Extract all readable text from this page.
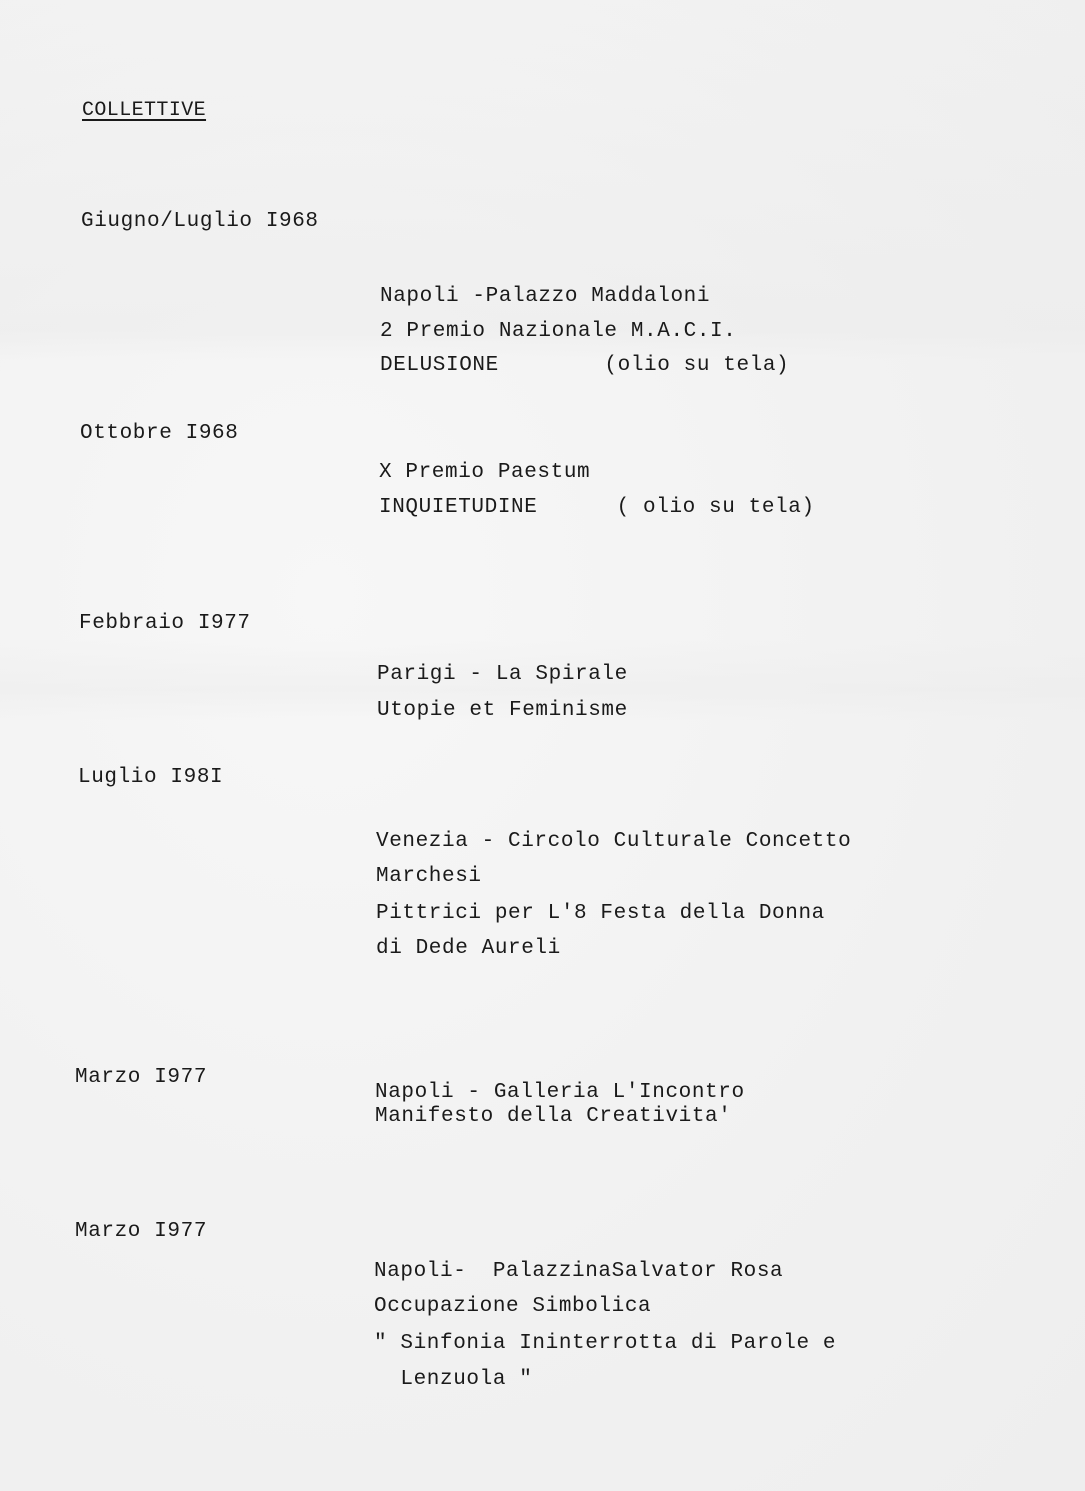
COLLETTIVE
Giugno/Luglio I968
Napoli -Palazzo Maddaloni
2 Premio Nazionale M.A.C.I.
DELUSIONE        (olio su tela)
Ottobre I968
X Premio Paestum
INQUIETUDINE      ( olio su tela)
Febbraio I977
Parigi - La Spirale
Utopie et Feminisme
Luglio I98I
Venezia - Circolo Culturale Concetto
Marchesi
Pittrici per L'8 Festa della Donna
di Dede Aureli
Marzo I977
Napoli - Galleria L'Incontro
Manifesto della Creativita'
Marzo I977
Napoli-  PalazzinaSalvator Rosa
Occupazione Simbolica
" Sinfonia Ininterrotta di Parole e
Lenzuola "
